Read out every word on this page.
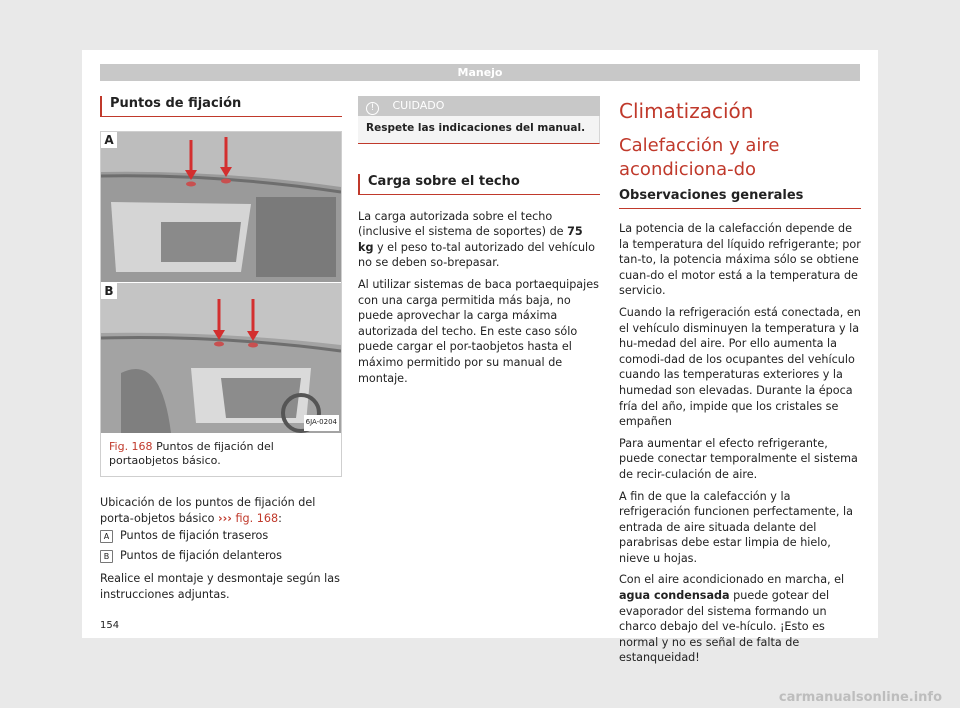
Manejo
Puntos de fijación
A
B
6JA-0204
Fig. 168 Puntos de fijación del portaobjetos básico.

Ubicación de los puntos de fijación del porta-objetos básico ››› fig. 168:

A Puntos de fijación traseros
B Puntos de fijación delanteros

Realice el montaje y desmontaje según las instrucciones adjuntas.

! CUIDADO
Respete las indicaciones del manual.
Carga sobre el techo

La carga autorizada sobre el techo (inclusive el sistema de soportes) de 75 kg y el peso to-tal autorizado del vehículo no se deben so-brepasar.

Al utilizar sistemas de baca portaequipajes con una carga permitida más baja, no puede aprovechar la carga máxima autorizada del techo. En este caso sólo puede cargar el por-taobjetos hasta el máximo permitido por su manual de montaje.

Climatización
Calefacción y aire acondiciona-do
Observaciones generales

La potencia de la calefacción depende de la temperatura del líquido refrigerante; por tan-to, la potencia máxima sólo se obtiene cuan-do el motor está a la temperatura de servicio.

Cuando la refrigeración está conectada, en el vehículo disminuyen la temperatura y la hu-medad del aire. Por ello aumenta la comodi-dad de los ocupantes del vehículo cuando las temperaturas exteriores y la humedad son elevadas. Durante la época fría del año, impide que los cristales se empañen

Para aumentar el efecto refrigerante, puede conectar temporalmente el sistema de recir-culación de aire.

A fin de que la calefacción y la refrigeración funcionen perfectamente, la entrada de aire situada delante del parabrisas debe estar limpia de hielo, nieve u hojas.

Con el aire acondicionado en marcha, el agua condensada puede gotear del evaporador del sistema formando un charco debajo del ve-hículo. ¡Esto es normal y no es señal de falta de estanqueidad!

154
carmanualsonline.info
